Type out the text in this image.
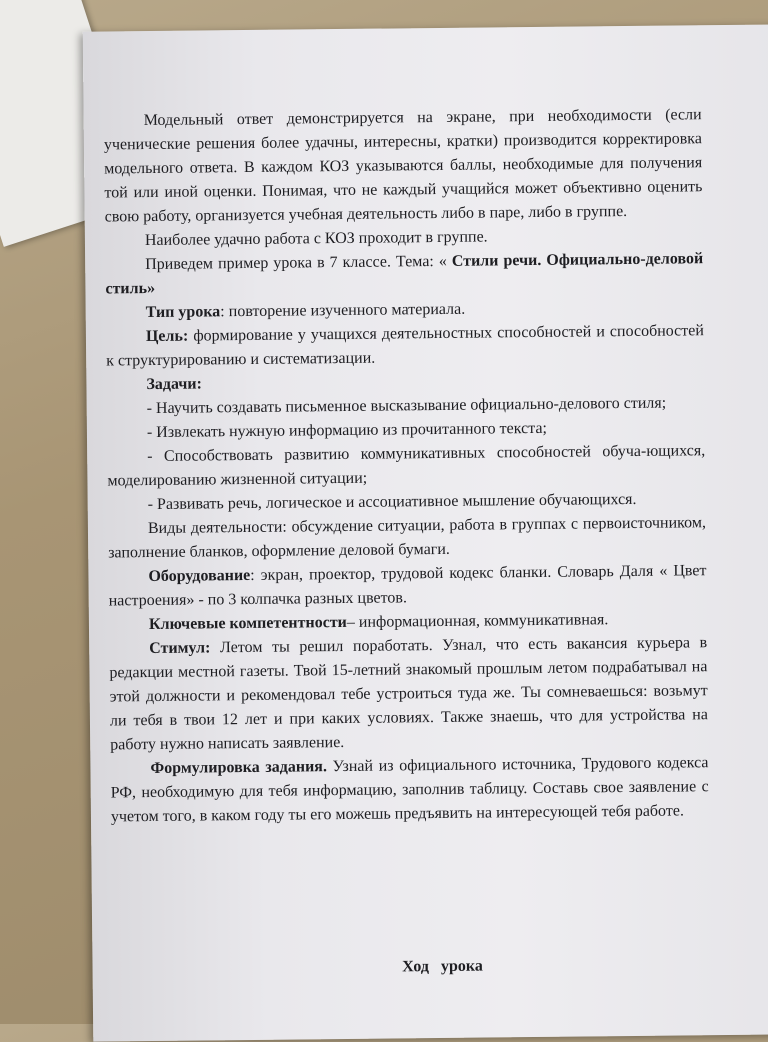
Модельный ответ демонстрируется на экране, при необходимости (если ученические решения более удачны, интересны, кратки) производится корректировка модельного ответа. В каждом КОЗ указываются баллы, необходимые для получения той или иной оценки. Понимая, что не каждый учащийся может объективно оценить свою работу, организуется учебная деятельность либо в паре, либо в группе.

Наиболее удачно работа с КОЗ проходит в группе.

Приведем пример урока в 7 классе. Тема: « Стили речи. Официально-деловой стиль»

Тип урока: повторение изученного материала.

Цель: формирование у учащихся деятельностных способностей и способностей к структурированию и систематизации.

Задачи:

- Научить создавать письменное высказывание официально-делового стиля;

- Извлекать нужную информацию из прочитанного текста;

- Способствовать развитию коммуникативных способностей обуча-ющихся, моделированию жизненной ситуации;

- Развивать речь, логическое и ассоциативное мышление обучающихся.

Виды деятельности: обсуждение ситуации, работа в группах с первоисточником, заполнение бланков, оформление деловой бумаги.

Оборудование: экран, проектор, трудовой кодекс бланки. Словарь Даля « Цвет настроения» - по 3 колпачка разных цветов.

Ключевые компетентности– информационная, коммуникативная.

Стимул: Летом ты решил поработать. Узнал, что есть вакансия курьера в редакции местной газеты. Твой 15-летний знакомый прошлым летом подрабатывал на этой должности и рекомендовал тебе устроиться туда же. Ты сомневаешься: возьмут ли тебя в твои 12 лет и при каких условиях. Также знаешь, что для устройства на работу нужно написать заявление.

Формулировка задания. Узнай из официального источника, Трудового кодекса РФ, необходимую для тебя информацию, заполнив таблицу. Составь свое заявление с учетом того, в каком году ты его можешь предъявить на интересующей тебя работе.

Ход урока
